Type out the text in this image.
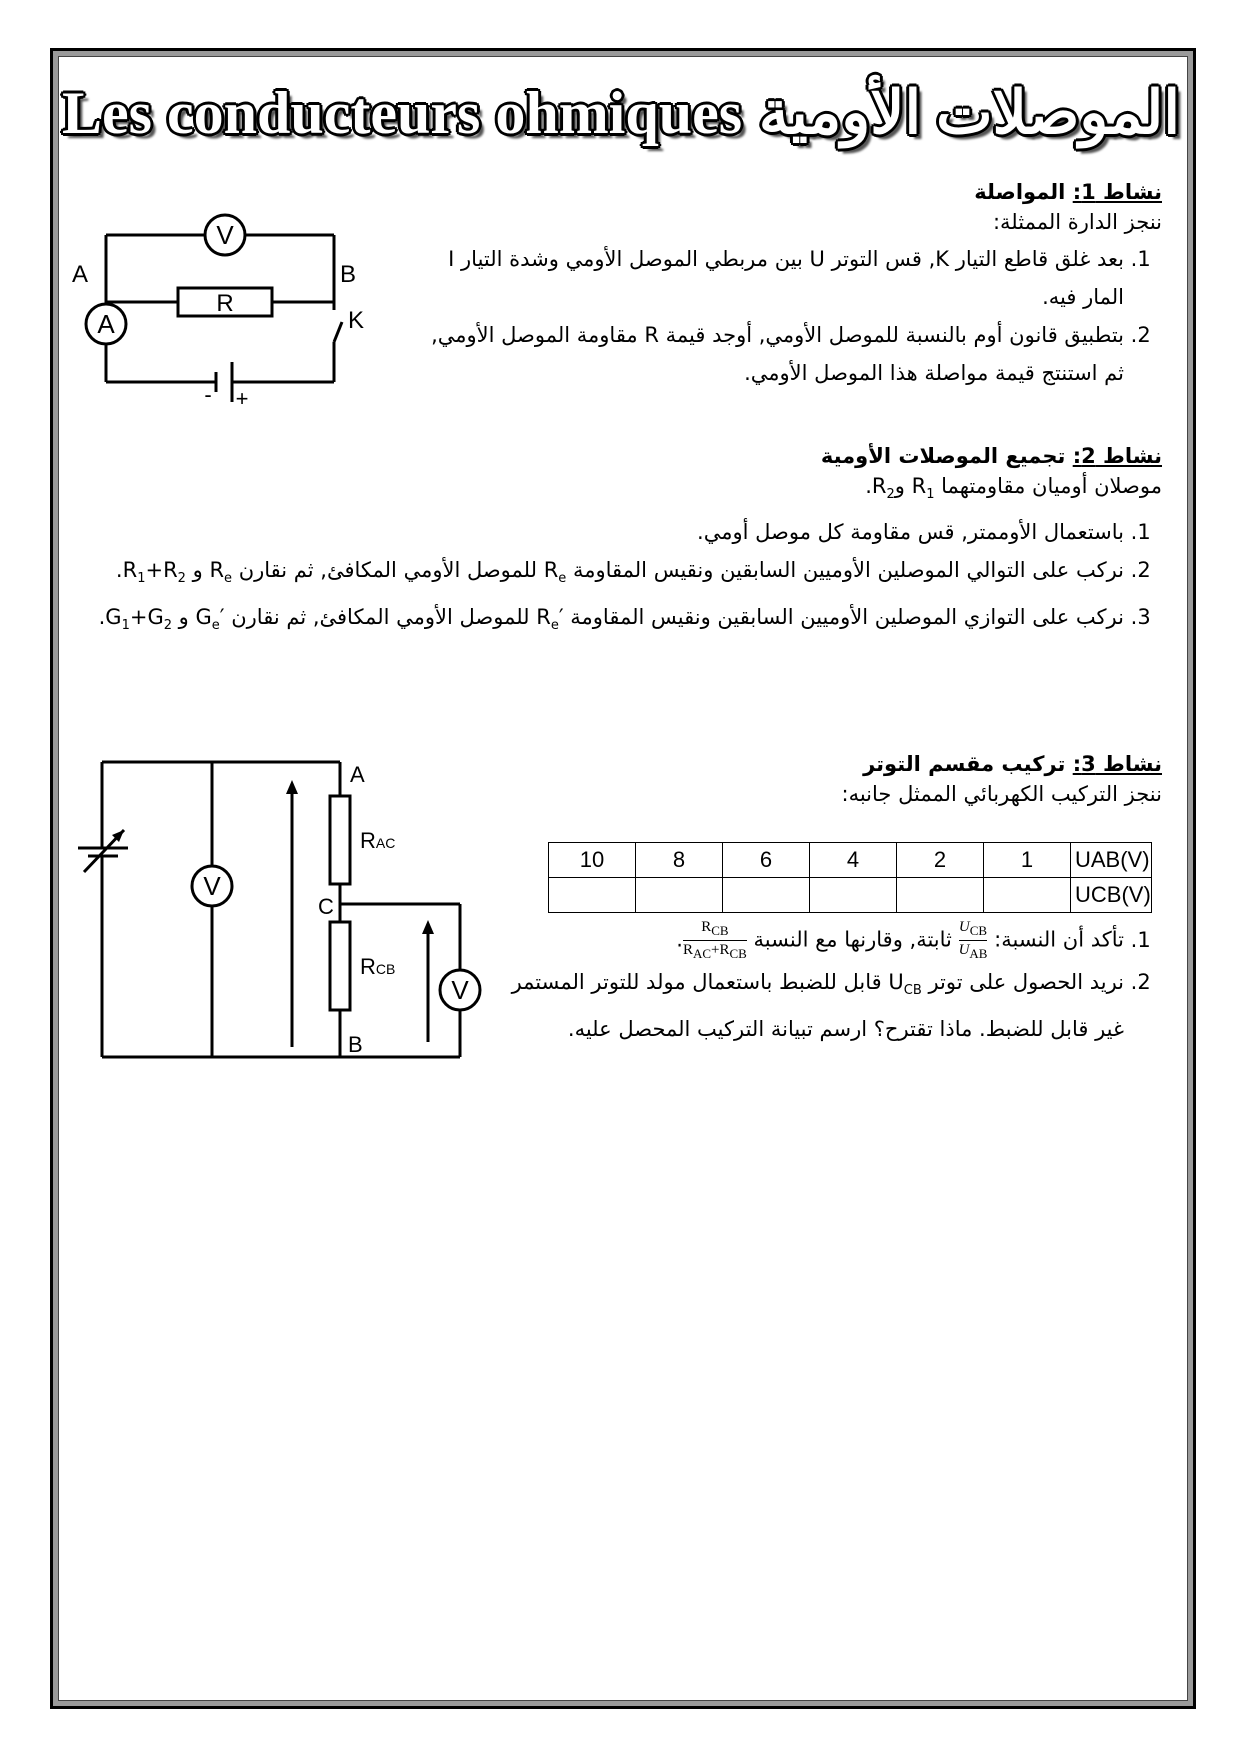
Les conducteurs ohmiques الموصلات الأومية
نشاط 1: المواصلة
ننجز الدارة الممثلة:
1. بعد غلق قاطع التيار K, قس التوتر U بين مربطي الموصل الأومي وشدة التيار I المار فيه.
2. بتطبيق قانون أوم بالنسبة للموصل الأومي, أوجد قيمة R مقاومة الموصل الأومي, ثم استنتج قيمة مواصلة هذا الموصل الأومي.
V
R
A
A	B
K
- +
نشاط 2: تجميع الموصلات الأومية
موصلان أوميان مقاومتهما $R_1$ وR$_2$.
1. باستعمال الأوممتر, قس مقاومة كل موصل أومي.
2. نركب على التوالي الموصلين الأوميين السابقين ونقيس المقاومة $R_e$ للموصل الأومي المكافئ, ثم نقارن $R_e$ و $R_1+R_2$.
3. نركب على التوازي الموصلين الأوميين السابقين ونقيس المقاومة $R_e'$ للموصل الأومي المكافئ, ثم نقارن $G_e'$ و $G_1+G_2$.
نشاط 3: تركيب مقسم التوتر
ننجز التركيب الكهربائي الممثل جانبه:
10	8	6	4	2	1	UAB(V)
						UCB(V)
1. تأكد أن النسبة:
$\frac{U_{CB}}{U_{AB}}$
ثابتة, وقارنها مع النسبة
$\frac{R_{CB}}{R_{AC}+R_{CB}}$
.
2. نريد الحصول على توتر $U_{CB}$ قابل للضبط باستعمال مولد للتوتر المستمر غير قابل للضبط. ماذا تقترح؟ ارسم تبيانة التركيب المحصل عليه.
V
V
A
C
B
RAC
RCB
